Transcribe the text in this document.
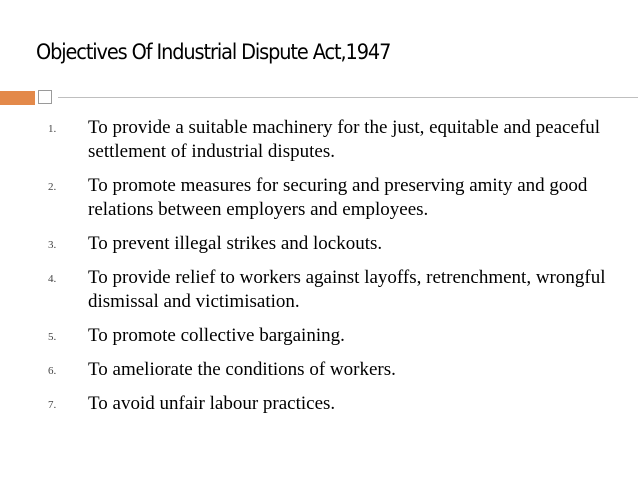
Objectives Of Industrial Dispute Act,1947
1.	To provide a suitable machinery for the just, equitable and peaceful settlement of industrial disputes.
2.	To promote measures for securing and preserving amity and good relations between employers and employees.
3.	To prevent illegal strikes and lockouts.
4.	To provide relief to workers against layoffs, retrenchment, wrongful dismissal and victimisation.
5.	To promote collective bargaining.
6.	To ameliorate the conditions of workers.
7.	To avoid unfair labour practices.
